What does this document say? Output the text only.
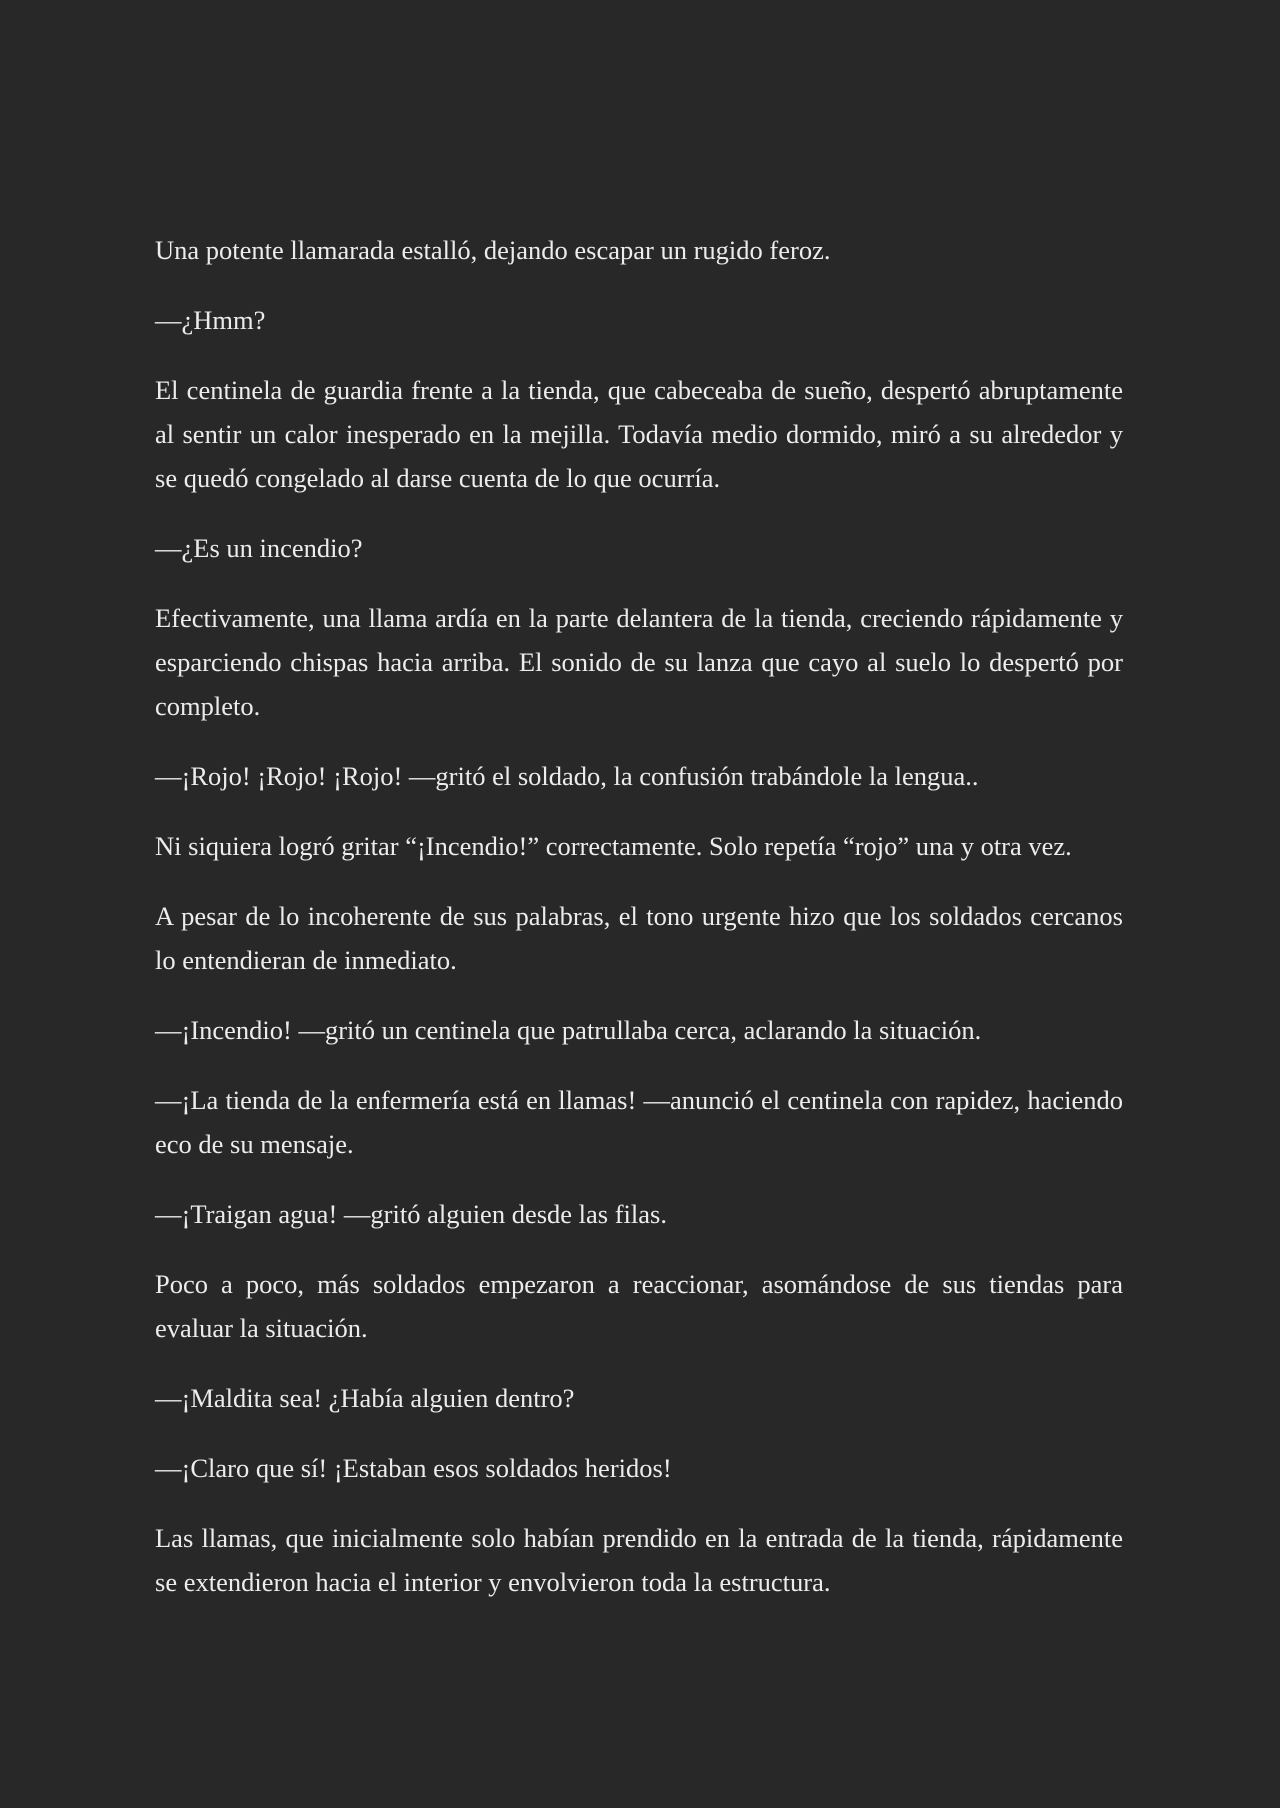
Una potente llamarada estalló, dejando escapar un rugido feroz.

—¿Hmm?

El centinela de guardia frente a la tienda, que cabeceaba de sueño, despertó abruptamente al sentir un calor inesperado en la mejilla. Todavía medio dormido, miró a su alrededor y se quedó congelado al darse cuenta de lo que ocurría.

—¿Es un incendio?

Efectivamente, una llama ardía en la parte delantera de la tienda, creciendo rápidamente y esparciendo chispas hacia arriba. El sonido de su lanza que cayo al suelo lo despertó por completo.

—¡Rojo! ¡Rojo! ¡Rojo! —gritó el soldado, la confusión trabándole la lengua..

Ni siquiera logró gritar “¡Incendio!” correctamente. Solo repetía “rojo” una y otra vez.

A pesar de lo incoherente de sus palabras, el tono urgente hizo que los soldados cercanos lo entendieran de inmediato.

—¡Incendio! —gritó un centinela que patrullaba cerca, aclarando la situación.

—¡La tienda de la enfermería está en llamas! —anunció el centinela con rapidez, haciendo eco de su mensaje.

—¡Traigan agua! —gritó alguien desde las filas.

Poco a poco, más soldados empezaron a reaccionar, asomándose de sus tiendas para evaluar la situación.

—¡Maldita sea! ¿Había alguien dentro?

—¡Claro que sí! ¡Estaban esos soldados heridos!

Las llamas, que inicialmente solo habían prendido en la entrada de la tienda, rápidamente se extendieron hacia el interior y envolvieron toda la estructura.
